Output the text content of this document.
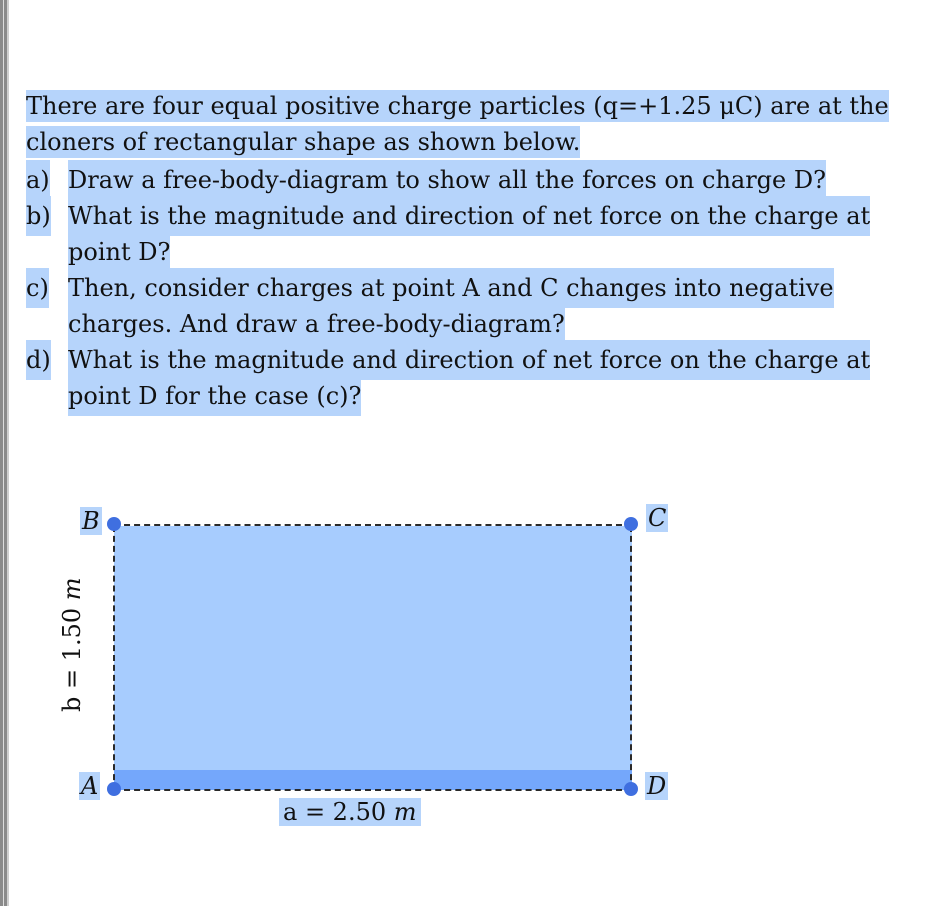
There are four equal positive charge particles (q=+1.25 μC) are at the
cloners of rectangular shape as shown below.
a) Draw a free-body-diagram to show all the forces on charge D?
b) What is the magnitude and direction of net force on the charge at
point D?
c) Then, consider charges at point A and C changes into negative
charges. And draw a free-body-diagram?
d) What is the magnitude and direction of net force on the charge at
point D for the case (c)?
B	C
A	D
b = 1.50 m
a = 2.50 m
